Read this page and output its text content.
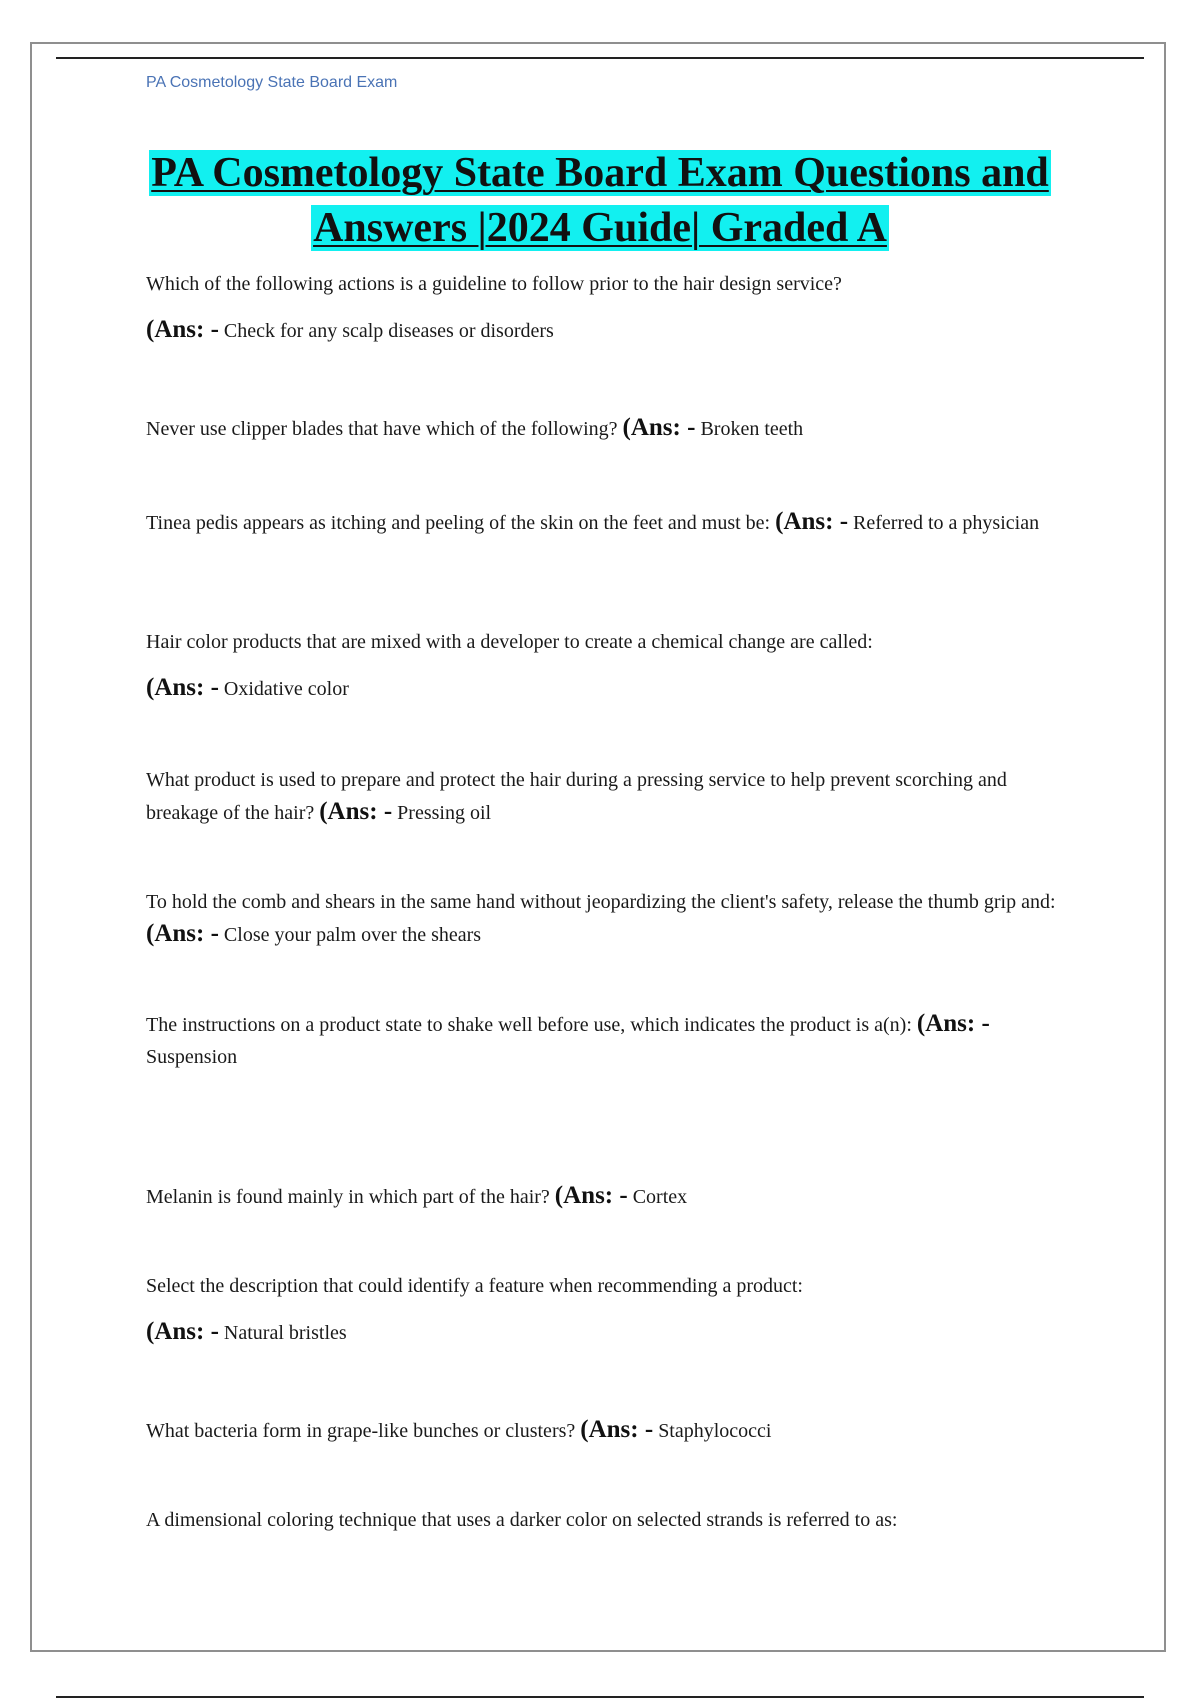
PA Cosmetology State Board Exam
PA Cosmetology State Board Exam Questions and Answers |2024 Guide| Graded A
Which of the following actions is a guideline to follow prior to the hair design service?
(Ans: - Check for any scalp diseases or disorders
Never use clipper blades that have which of the following? (Ans: - Broken teeth
Tinea pedis appears as itching and peeling of the skin on the feet and must be: (Ans: - Referred to a physician
Hair color products that are mixed with a developer to create a chemical change are called:
(Ans: - Oxidative color
What product is used to prepare and protect the hair during a pressing service to help prevent scorching and breakage of the hair? (Ans: - Pressing oil
To hold the comb and shears in the same hand without jeopardizing the client's safety, release the thumb grip and: (Ans: - Close your palm over the shears
The instructions on a product state to shake well before use, which indicates the product is a(n): (Ans: - Suspension
Melanin is found mainly in which part of the hair? (Ans: - Cortex
Select the description that could identify a feature when recommending a product:
(Ans: - Natural bristles
What bacteria form in grape-like bunches or clusters? (Ans: - Staphylococci
A dimensional coloring technique that uses a darker color on selected strands is referred to as:
